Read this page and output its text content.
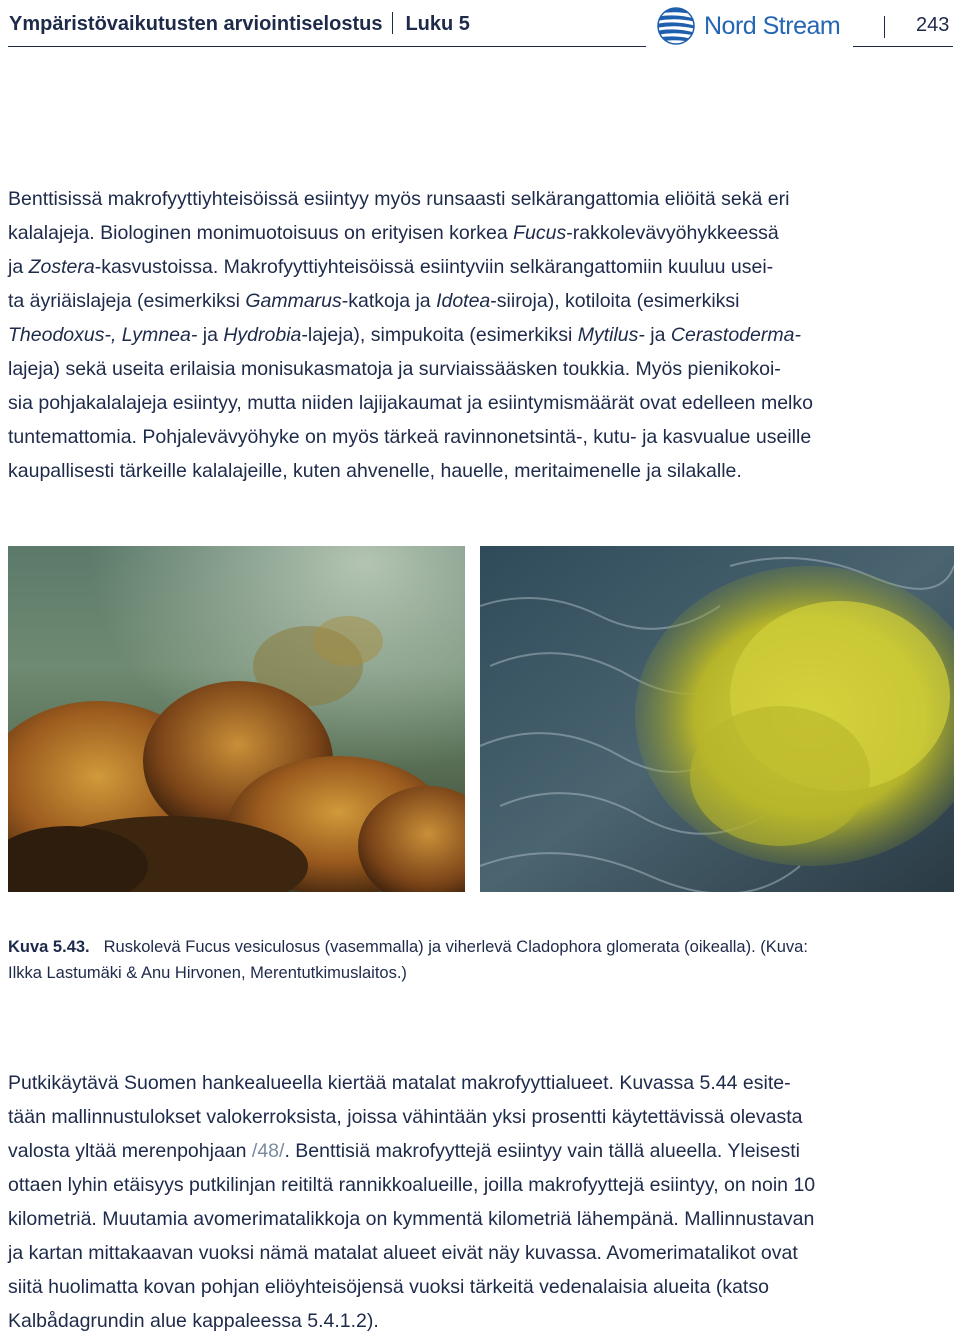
Ympäristövaikutusten arviointiselostus Luku 5	Nord Stream	243
Benttisissä makrofyyttiyhteisöissä esiintyy myös runsaasti selkärangattomia eliöitä sekä eri
kalalajeja. Biologinen monimuotoisuus on erityisen korkea Fucus-rakkolevävyöhykkeessä
ja Zostera-kasvustoissa. Makrofyyttiyhteisöissä esiintyviin selkärangattomiin kuuluu usei-
ta äyriäislajeja (esimerkiksi Gammarus-katkoja ja Idotea-siiroja), kotiloita (esimerkiksi
Theodoxus-, Lymnea- ja Hydrobia-lajeja), simpukoita (esimerkiksi Mytilus- ja Cerastoderma-
lajeja) sekä useita erilaisia monisukasmatoja ja surviaissääsken toukkia. Myös pienikokoi-
sia pohjakalalajeja esiintyy, mutta niiden lajijakaumat ja esiintymismäärät ovat edelleen melko
tuntemattomia. Pohjalevävyöhyke on myös tärkeä ravinnonetsintä-, kutu- ja kasvualue useille
kaupallisesti tärkeille kalalajeille, kuten ahvenelle, hauelle, meritaimenelle ja silakalle.
Kuva 5.43. Ruskolevä Fucus vesiculosus (vasemmalla) ja viherlevä Cladophora glomerata (oikealla). (Kuva:
Ilkka Lastumäki & Anu Hirvonen, Merentutkimuslaitos.)
Putkikäytävä Suomen hankealueella kiertää matalat makrofyyttialueet. Kuvassa 5.44 esite-
tään mallinnustulokset valokerroksista, joissa vähintään yksi prosentti käytettävissä olevasta
valosta yltää merenpohjaan /48/. Benttisiä makrofyyttejä esiintyy vain tällä alueella. Yleisesti
ottaen lyhin etäisyys putkilinjan reitiltä rannikkoalueille, joilla makrofyyttejä esiintyy, on noin 10
kilometriä. Muutamia avomerimatalikkoja on kymmentä kilometriä lähempänä. Mallinnustavan
ja kartan mittakaavan vuoksi nämä matalat alueet eivät näy kuvassa. Avomerimatalikot ovat
siitä huolimatta kovan pohjan eliöyhteisöjensä vuoksi tärkeitä vedenalaisia alueita (katso
Kalbådagrundin alue kappaleessa 5.4.1.2).
